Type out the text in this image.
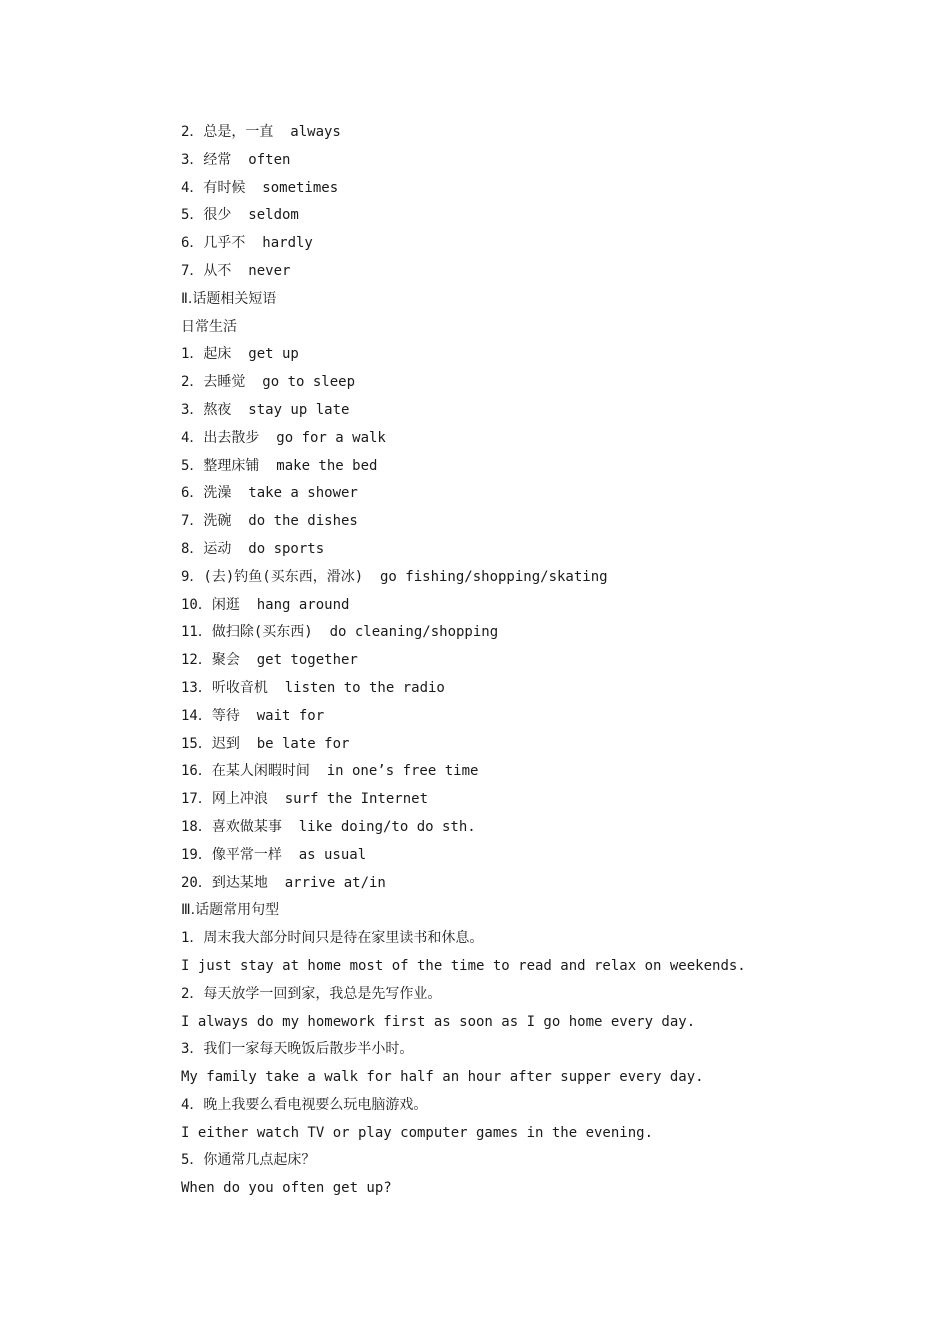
2．总是，一直  always
3．经常  often
4．有时候  sometimes
5．很少  seldom
6．几乎不  hardly
7．从不  never
Ⅱ.话题相关短语
日常生活
1．起床  get up
2．去睡觉  go to sleep
3．熬夜  stay up late
4．出去散步  go for a walk
5．整理床铺  make the bed
6．洗澡  take a shower
7．洗碗  do the dishes
8．运动  do sports
9．(去)钓鱼(买东西，滑冰)  go fishing/shopping/skating
10．闲逛  hang around
11．做扫除(买东西)  do cleaning/shopping
12．聚会  get together
13．听收音机  listen to the radio
14．等待  wait for
15．迟到  be late for
16．在某人闲暇时间  in one’s free time
17．网上冲浪  surf the Internet
18．喜欢做某事  like doing/to do sth.
19．像平常一样  as usual
20．到达某地  arrive at/in
Ⅲ.话题常用句型
1．周末我大部分时间只是待在家里读书和休息。
I just stay at home most of the time to read and relax on weekends.
2．每天放学一回到家，我总是先写作业。
I always do my homework first as soon as I go home every day.
3．我们一家每天晚饭后散步半小时。
My family take a walk for half an hour after supper every day.
4．晚上我要么看电视要么玩电脑游戏。
I either watch TV or play computer games in the evening.
5．你通常几点起床？
When do you often get up?
